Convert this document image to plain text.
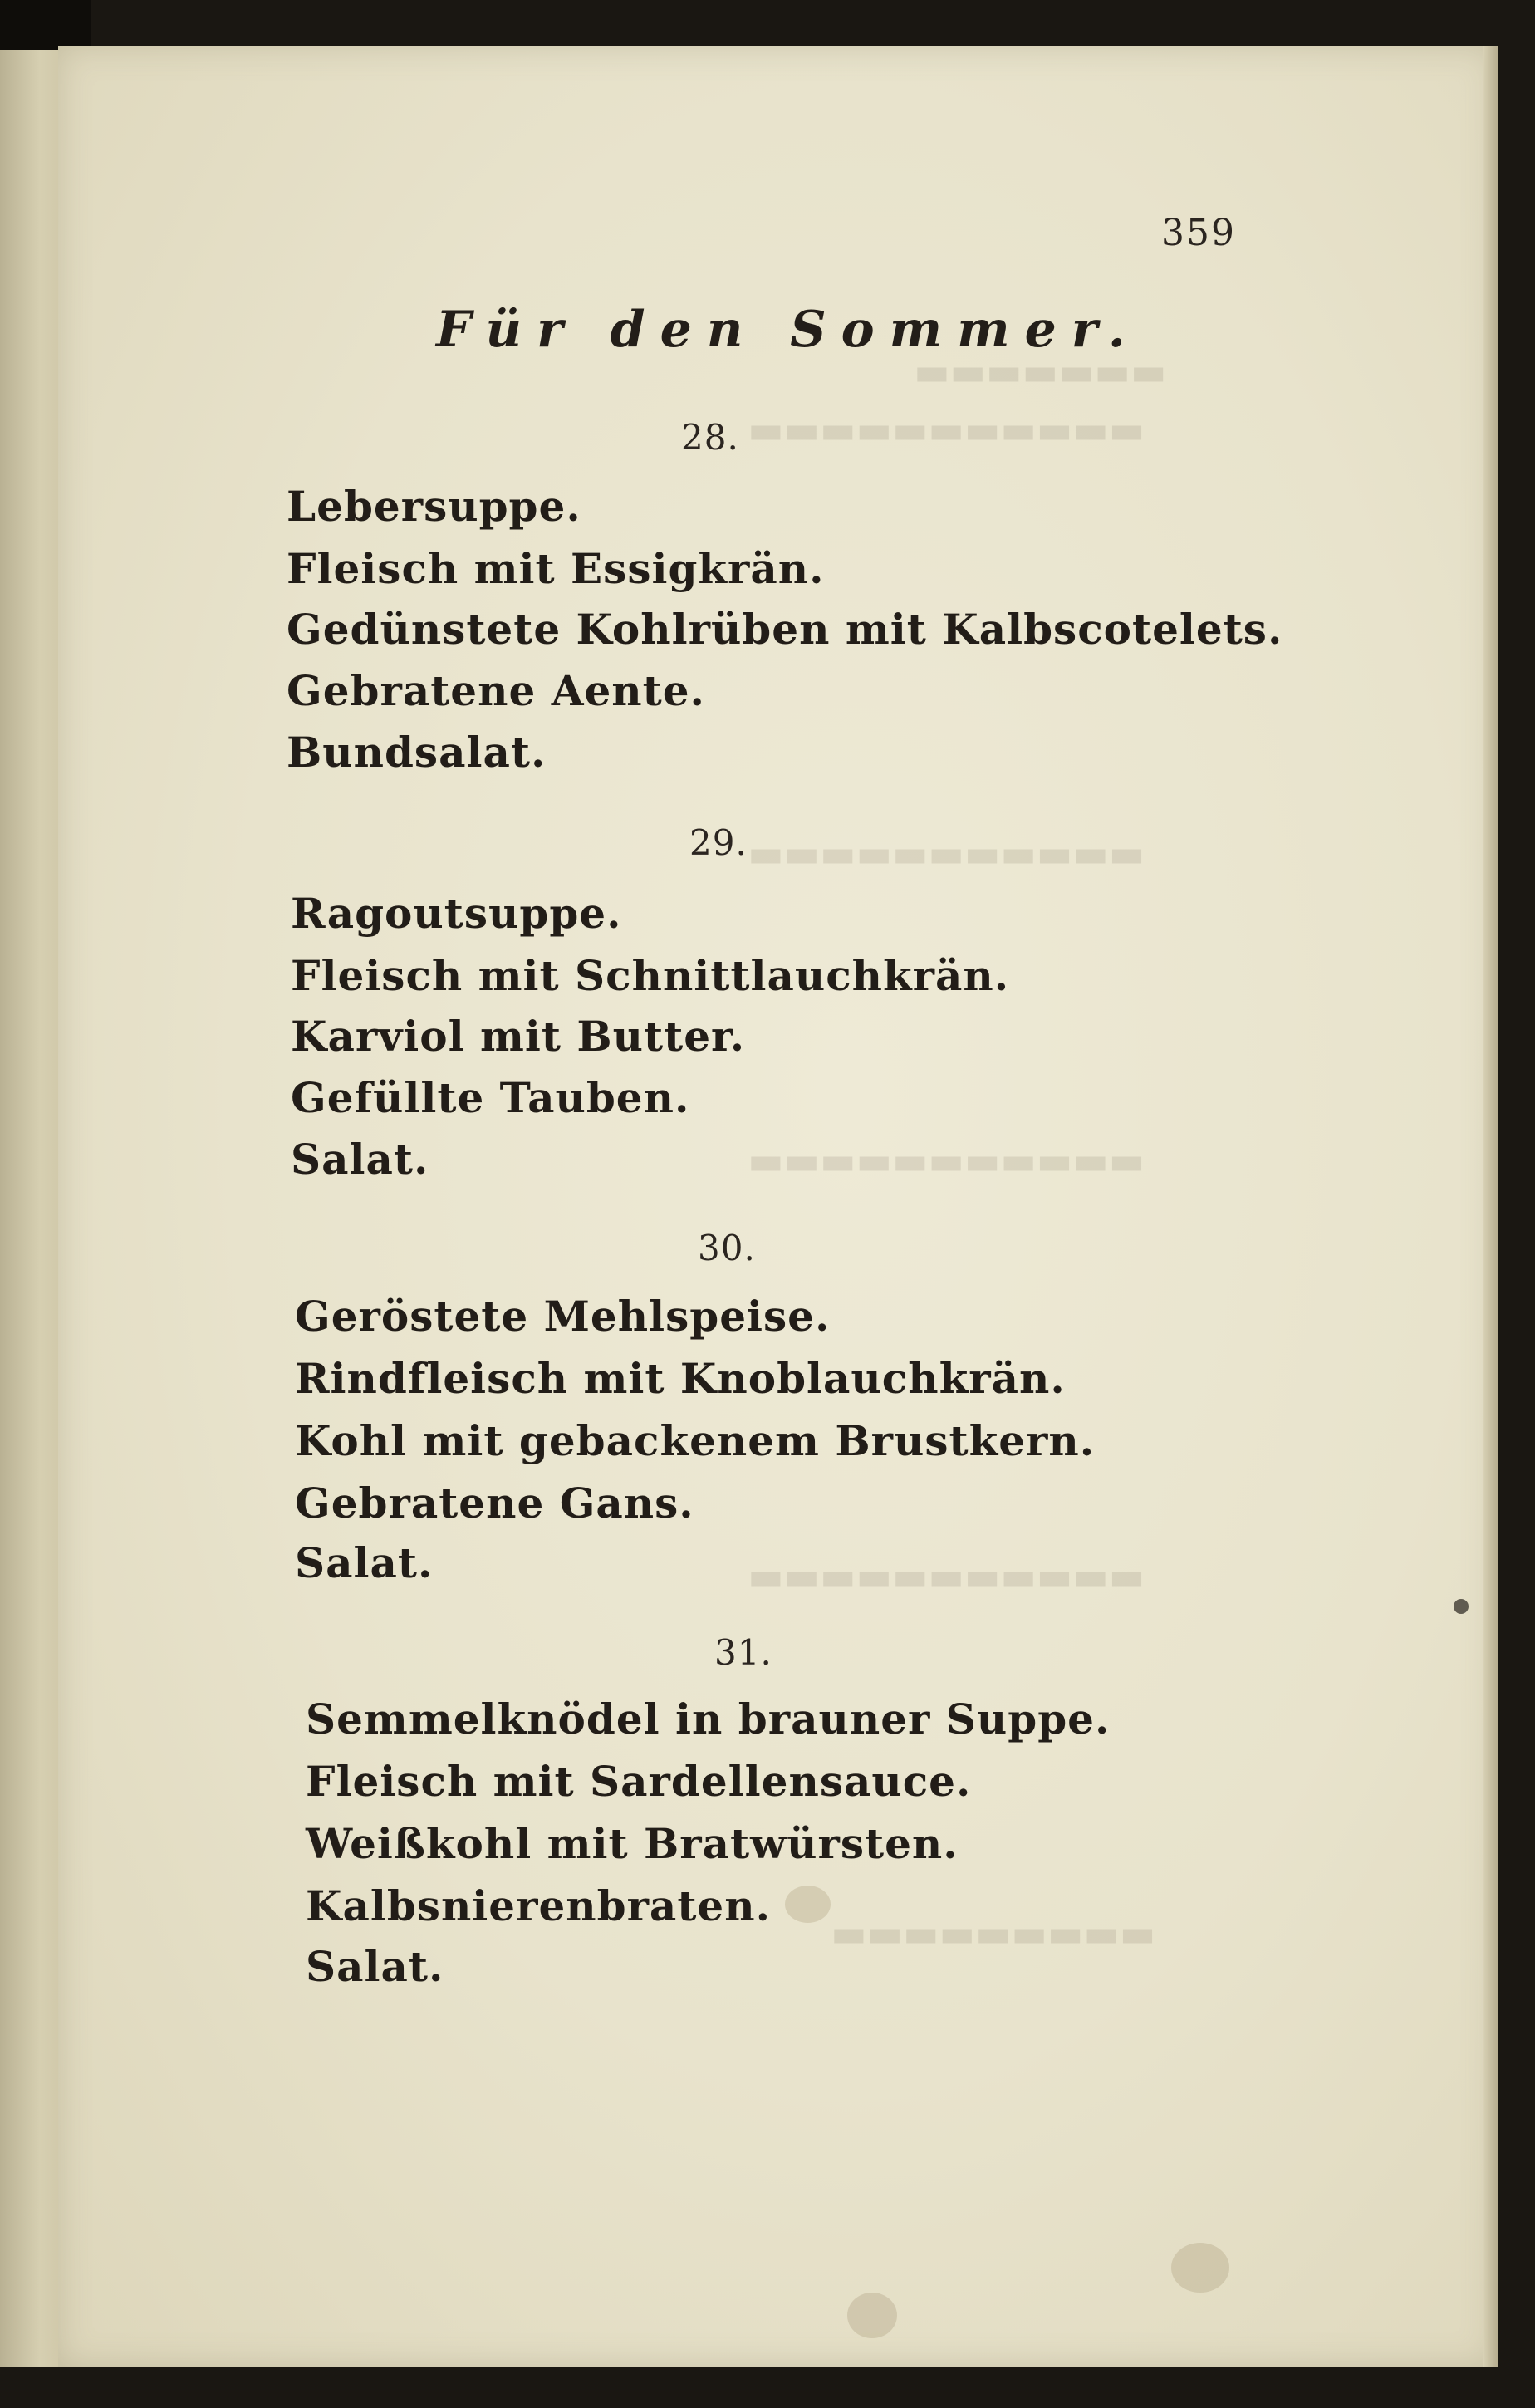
▬▬▬▬▬▬▬
▬▬▬▬▬▬▬▬▬▬▬
▬▬▬▬▬▬▬▬▬▬▬
▬▬▬▬▬▬▬▬▬▬▬
▬▬▬▬▬▬▬▬▬▬▬
▬▬▬▬▬▬▬▬▬
359
Für den Sommer.
28.
Lebersuppe.
Fleisch mit Essigkrän.
Gedünstete Kohlrüben mit Kalbscotelets.
Gebratene Aente.
Bundsalat.
29.
Ragoutsuppe.
Fleisch mit Schnittlauchkrän.
Karviol mit Butter.
Gefüllte Tauben.
Salat.
30.
Geröstete Mehlspeise.
Rindfleisch mit Knoblauchkrän.
Kohl mit gebackenem Brustkern.
Gebratene Gans.
Salat.
31.
Semmelknödel in brauner Suppe.
Fleisch mit Sardellensauce.
Weißkohl mit Bratwürsten.
Kalbsnierenbraten.
Salat.
